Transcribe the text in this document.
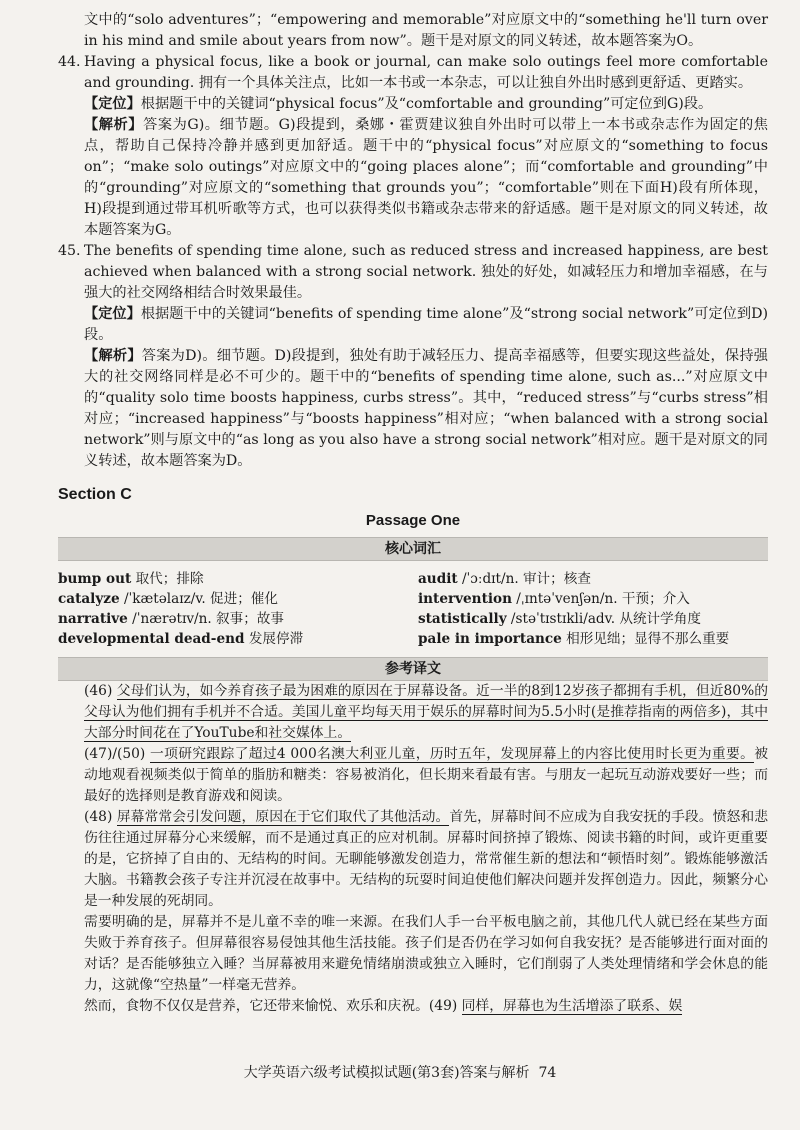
文中的“solo adventures”；“empowering and memorable”对应原文中的“something he'll turn over in his mind and smile about years from now”。题干是对原文的同义转述，故本题答案为O。

44. Having a physical focus, like a book or journal, can make solo outings feel more comfortable and grounding. 拥有一个具体关注点，比如一本书或一本杂志，可以让独自外出时感到更舒适、更踏实。

【定位】根据题干中的关键词“physical focus”及“comfortable and grounding”可定位到G)段。

【解析】答案为G)。细节题。G)段提到，桑娜・霍贾建议独自外出时可以带上一本书或杂志作为固定的焦点，帮助自己保持冷静并感到更加舒适。题干中的“physical focus”对应原文的“something to focus on”；“make solo outings”对应原文中的“going places alone”；而“comfortable and grounding”中的“grounding”对应原文的“something that grounds you”；“comfortable”则在下面H)段有所体现，H)段提到通过带耳机听歌等方式，也可以获得类似书籍或杂志带来的舒适感。题干是对原文的同义转述，故本题答案为G。

45. The benefits of spending time alone, such as reduced stress and increased happiness, are best achieved when balanced with a strong social network. 独处的好处，如减轻压力和增加幸福感，在与强大的社交网络相结合时效果最佳。

【定位】根据题干中的关键词“benefits of spending time alone”及“strong social network”可定位到D)段。

【解析】答案为D)。细节题。D)段提到，独处有助于减轻压力、提高幸福感等，但要实现这些益处，保持强大的社交网络同样是必不可少的。题干中的“benefits of spending time alone, such as...”对应原文中的“quality solo time boosts happiness, curbs stress”。其中，“reduced stress”与“curbs stress”相对应；“increased happiness”与“boosts happiness”相对应；“when balanced with a strong social network”则与原文中的“as long as you also have a strong social network”相对应。题干是对原文的同义转述，故本题答案为D。

Section C
Passage One
核心词汇
bump out 取代；排除	audit /ˈɔːdɪt/n. 审计；核查
catalyze /ˈkætəlaɪz/v. 促进；催化	intervention /ˌɪntəˈvenʃən/n. 干预；介入
narrative /ˈnærətɪv/n. 叙事；故事	statistically /stəˈtɪstɪkli/adv. 从统计学角度
developmental dead-end 发展停滞	pale in importance 相形见绌；显得不那么重要
参考译文

(46) 父母们认为，如今养育孩子最为困难的原因在于屏幕设备。近一半的8到12岁孩子都拥有手机，但近80%的父母认为他们拥有手机并不合适。美国儿童平均每天用于娱乐的屏幕时间为5.5小时(是推荐指南的两倍多)，其中大部分时间花在了YouTube和社交媒体上。

(47)/(50) 一项研究跟踪了超过4 000名澳大利亚儿童，历时五年，发现屏幕上的内容比使用时长更为重要。被动地观看视频类似于简单的脂肪和糖类：容易被消化，但长期来看最有害。与朋友一起玩互动游戏要好一些；而最好的选择则是教育游戏和阅读。

(48) 屏幕常常会引发问题，原因在于它们取代了其他活动。首先，屏幕时间不应成为自我安抚的手段。愤怒和悲伤往往通过屏幕分心来缓解，而不是通过真正的应对机制。屏幕时间挤掉了锻炼、阅读书籍的时间，或许更重要的是，它挤掉了自由的、无结构的时间。无聊能够激发创造力，常常催生新的想法和“顿悟时刻”。锻炼能够激活大脑。书籍教会孩子专注并沉浸在故事中。无结构的玩耍时间迫使他们解决问题并发挥创造力。因此，频繁分心是一种发展的死胡同。

需要明确的是，屏幕并不是儿童不幸的唯一来源。在我们人手一台平板电脑之前，其他几代人就已经在某些方面失败于养育孩子。但屏幕很容易侵蚀其他生活技能。孩子们是否仍在学习如何自我安抚？是否能够进行面对面的对话？是否能够独立入睡？当屏幕被用来避免情绪崩溃或独立入睡时，它们削弱了人类处理情绪和学会休息的能力，这就像“空热量”一样毫无营养。

然而，食物不仅仅是营养，它还带来愉悦、欢乐和庆祝。(49) 同样，屏幕也为生活增添了联系、娱

大学英语六级考试模拟试题(第3套)答案与解析 74
